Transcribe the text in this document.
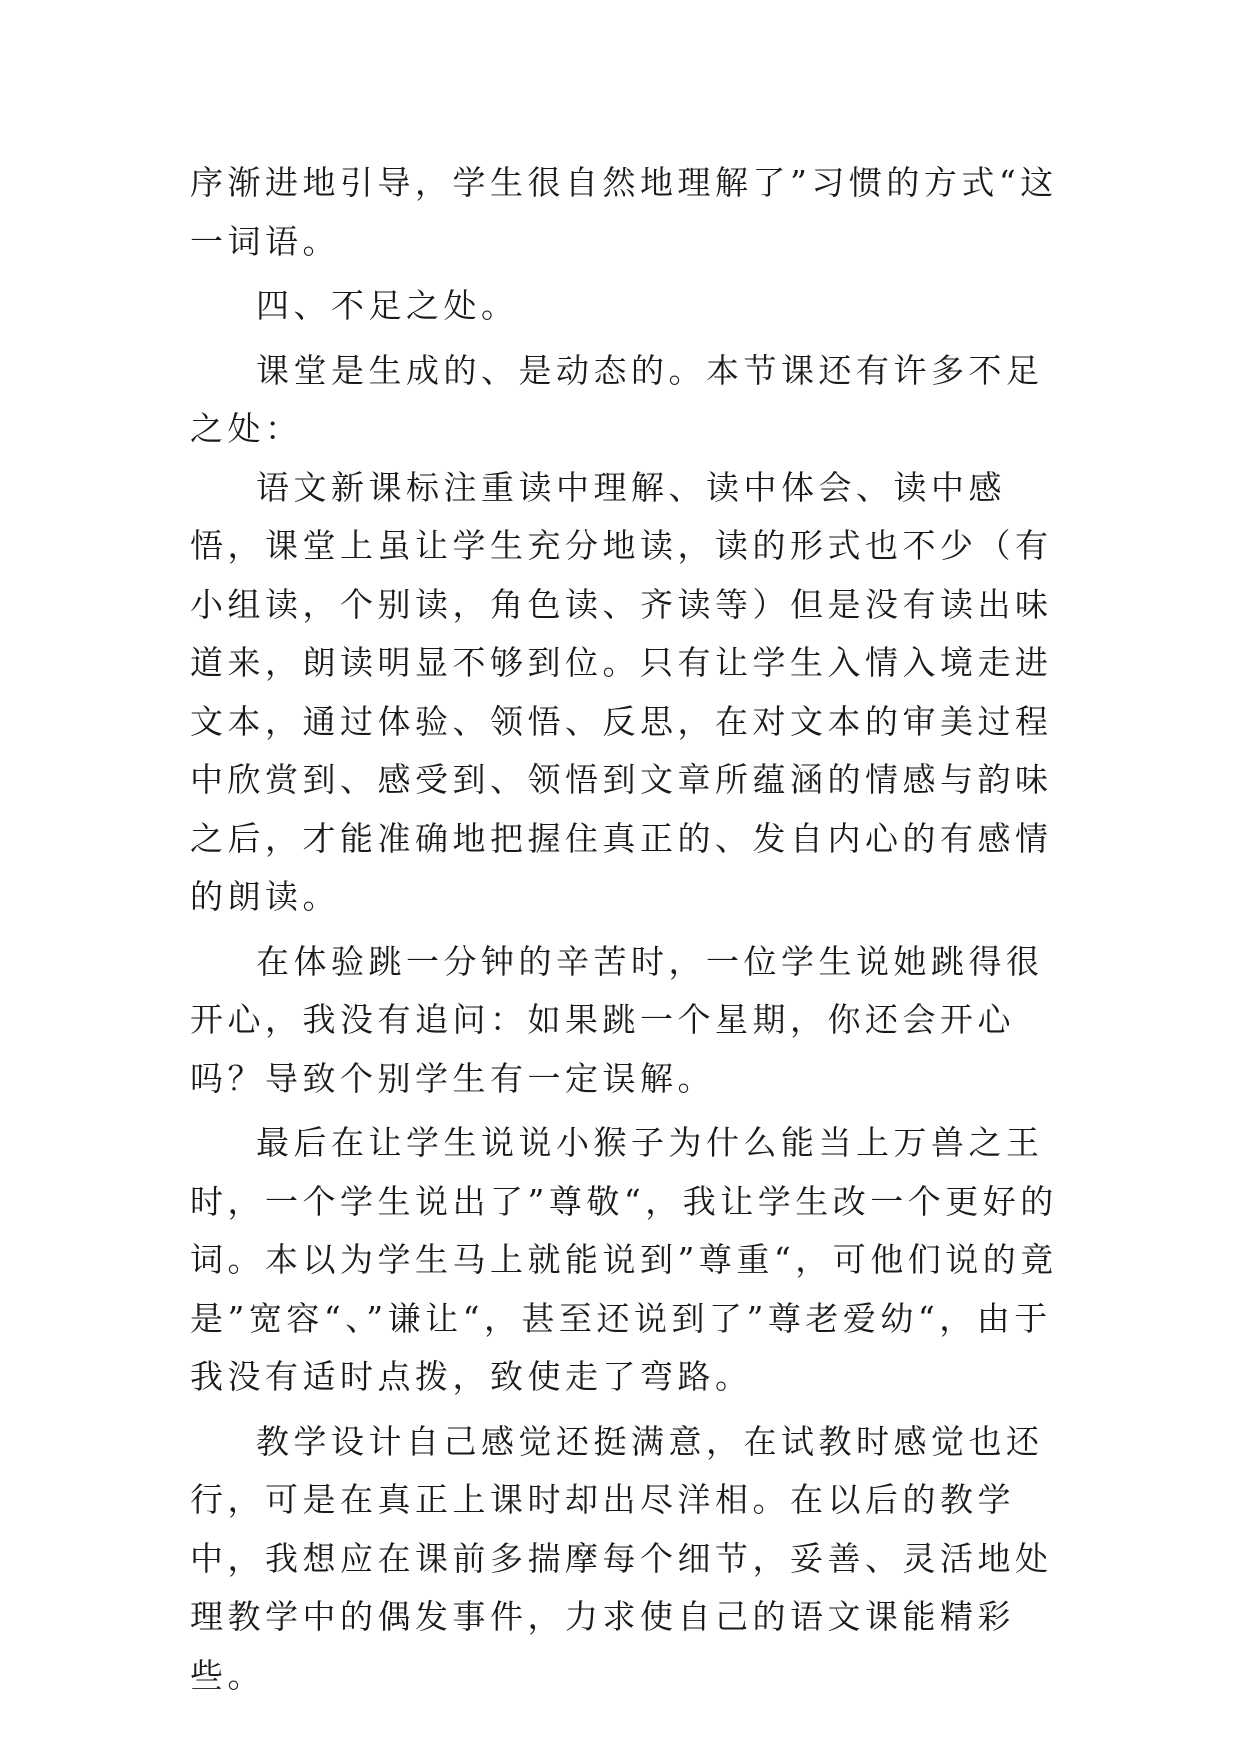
序渐进地引导，学生很自然地理解了”习惯的方式“这一词语。

四、不足之处。

课堂是生成的、是动态的。本节课还有许多不足之处：

语文新课标注重读中理解、读中体会、读中感悟，课堂上虽让学生充分地读，读的形式也不少（有小组读，个别读，角色读、齐读等）但是没有读出味道来，朗读明显不够到位。只有让学生入情入境走进文本，通过体验、领悟、反思，在对文本的审美过程中欣赏到、感受到、领悟到文章所蕴涵的情感与韵味之后，才能准确地把握住真正的、发自内心的有感情的朗读。

在体验跳一分钟的辛苦时，一位学生说她跳得很开心，我没有追问：如果跳一个星期，你还会开心吗？导致个别学生有一定误解。

最后在让学生说说小猴子为什么能当上万兽之王时，一个学生说出了”尊敬“，我让学生改一个更好的词。本以为学生马上就能说到”尊重“，可他们说的竟是”宽容“、”谦让“，甚至还说到了”尊老爱幼“，由于我没有适时点拨，致使走了弯路。

教学设计自己感觉还挺满意，在试教时感觉也还行，可是在真正上课时却出尽洋相。在以后的教学中，我想应在课前多揣摩每个细节，妥善、灵活地处理教学中的偶发事件，力求使自己的语文课能精彩些。
